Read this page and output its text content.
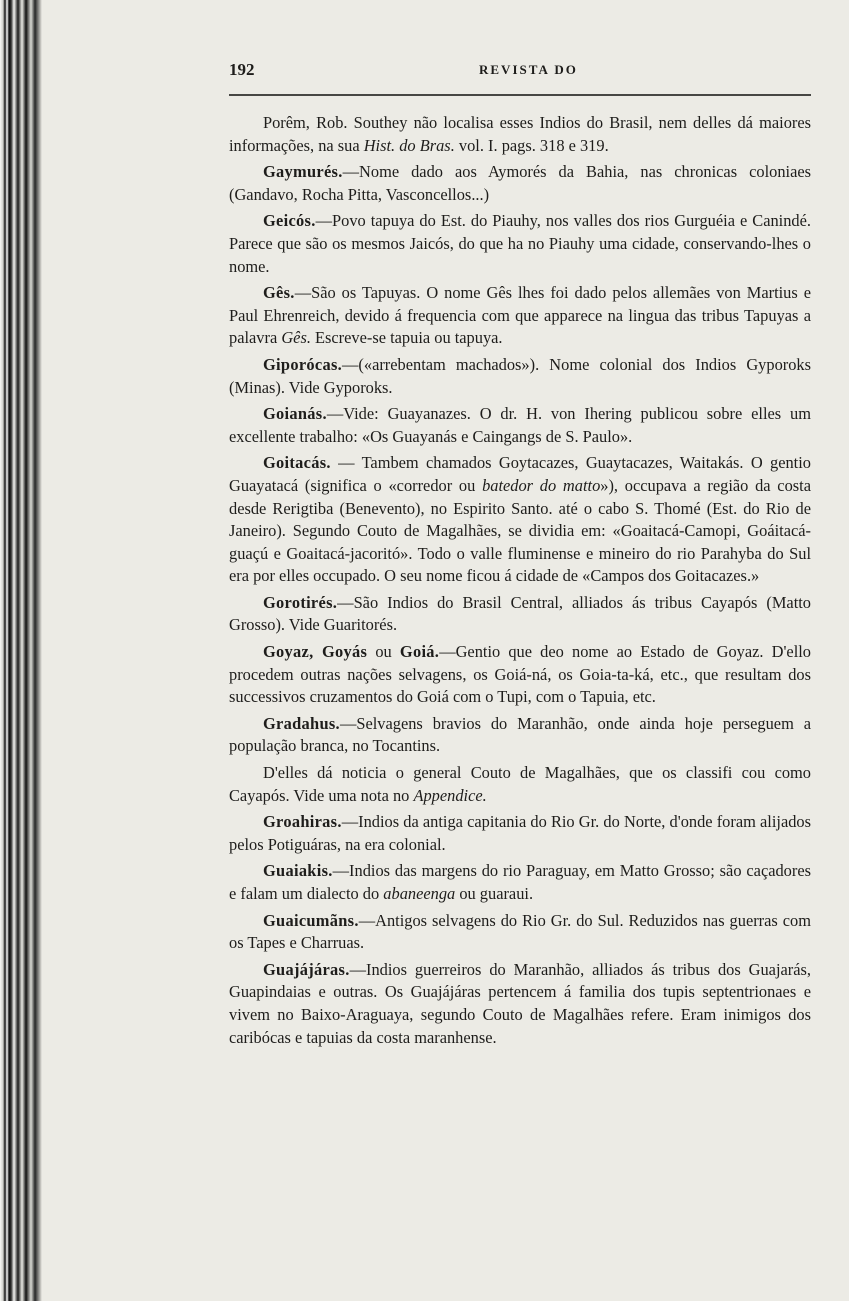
192	REVISTA DO

Porêm, Rob. Southey não localisa esses Indios do Brasil, nem delles dá maiores informações, na sua Hist. do Bras. vol. I. pags. 318 e 319.

Gaymurés.—Nome dado aos Aymorés da Bahia, nas chronicas coloniaes (Gandavo, Rocha Pitta, Vasconcellos...)

Geicós.—Povo tapuya do Est. do Piauhy, nos valles dos rios Gurguéia e Canindé. Parece que são os mesmos Jaicós, do que ha no Piauhy uma cidade, conservando-lhes o nome.

Gês.—São os Tapuyas. O nome Gês lhes foi dado pelos allemães von Martius e Paul Ehrenreich, devido á frequencia com que apparece na lingua das tribus Tapuyas a palavra Gês. Escreve-se tapuia ou tapuya.

Giporócas.—(«arrebentam machados»). Nome colonial dos Indios Gyporoks (Minas). Vide Gyporoks.

Goianás.—Vide: Guayanazes. O dr. H. von Ihering publicou sobre elles um excellente trabalho: «Os Guayanás e Caingangs de S. Paulo».

Goitacás. — Tambem chamados Goytacazes, Guaytacazes, Waitakás. O gentio Guayatacá (significa o «corredor ou batedor do matto»), occupava a região da costa desde Rerigtiba (Benevento), no Espirito Santo. até o cabo S. Thomé (Est. do Rio de Janeiro). Segundo Couto de Magalhães, se dividia em: «Goaitacá-Camopi, Goáitacá-guaçú e Goaitacá-jacoritó». Todo o valle fluminense e mineiro do rio Parahyba do Sul era por elles occupado. O seu nome ficou á cidade de «Campos dos Goitacazes.»

Gorotirés.—São Indios do Brasil Central, alliados ás tribus Cayapós (Matto Grosso). Vide Guaritorés.

Goyaz, Goyás ou Goiá.—Gentio que deo nome ao Estado de Goyaz. D'ello procedem outras nações selvagens, os Goiá-ná, os Goia-ta-ká, etc., que resultam dos successivos cruzamentos do Goiá com o Tupi, com o Tapuia, etc.

Gradahus.—Selvagens bravios do Maranhão, onde ainda hoje perseguem a população branca, no Tocantins.

D'elles dá noticia o general Couto de Magalhães, que os classifi cou como Cayapós. Vide uma nota no Appendice.

Groahiras.—Indios da antiga capitania do Rio Gr. do Norte, d'onde foram alijados pelos Potiguáras, na era colonial.

Guaiakis.—Indios das margens do rio Paraguay, em Matto Grosso; são caçadores e falam um dialecto do abaneenga ou guaraui.

Guaicumãns.—Antigos selvagens do Rio Gr. do Sul. Reduzidos nas guerras com os Tapes e Charruas.

Guajájáras.—Indios guerreiros do Maranhão, alliados ás tribus dos Guajarás, Guapindaias e outras. Os Guajájáras pertencem á familia dos tupis septentrionaes e vivem no Baixo-Araguaya, segundo Couto de Magalhães refere. Eram inimigos dos caribócas e tapuias da costa maranhense.
